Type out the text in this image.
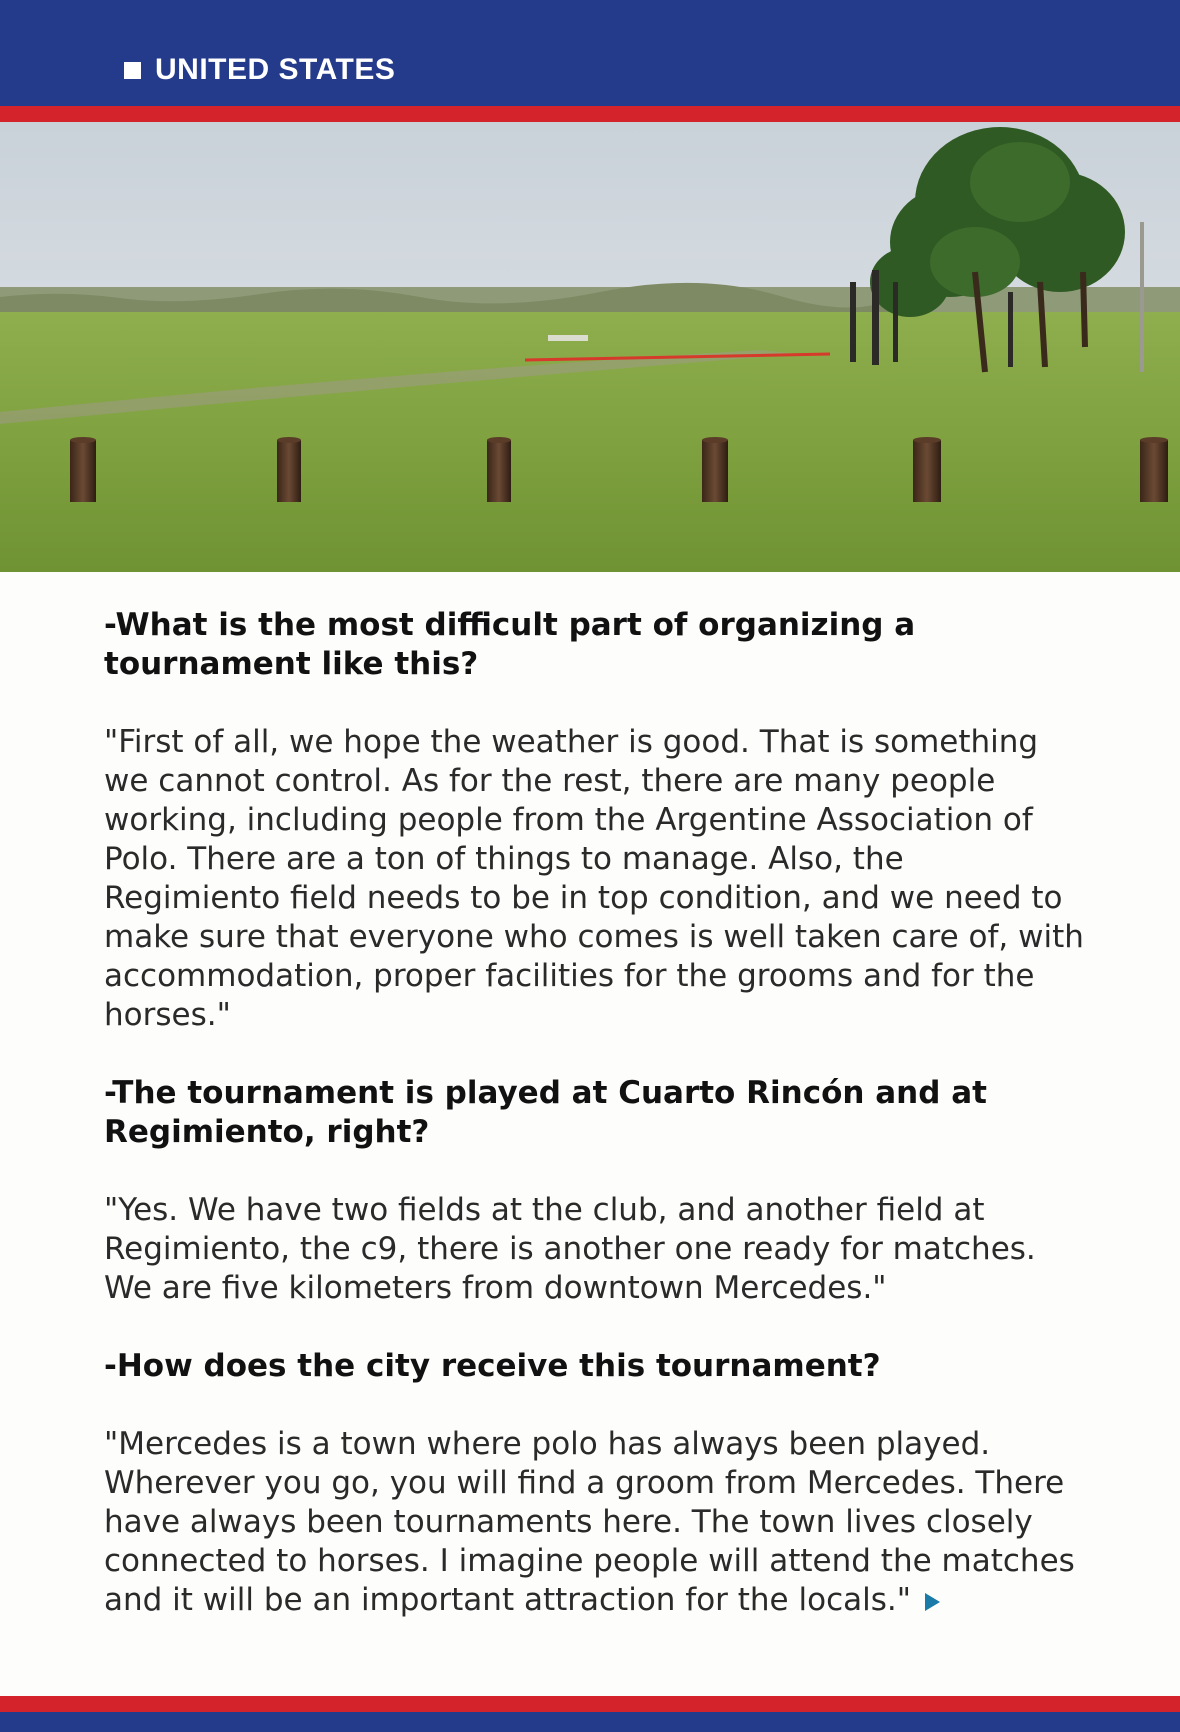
UNITED STATES

-What is the most difficult part of organizing a tournament like this?

"First of all, we hope the weather is good. That is something we cannot control. As for the rest, there are many people working, including people from the Argentine Association of Polo. There are a ton of things to manage. Also, the Regimiento field needs to be in top condition, and we need to make sure that everyone who comes is well taken care of, with accommodation, proper facilities for the grooms and for the horses."

-The tournament is played at Cuarto Rincón and at Regimiento, right?

"Yes. We have two fields at the club, and another field at Regimiento, the c9, there is another one ready for matches. We are five kilometers from downtown Mercedes."

-How does the city receive this tournament?

"Mercedes is a town where polo has always been played. Wherever you go, you will find a groom from Mercedes. There have always been tournaments here. The town lives closely connected to horses. I imagine people will attend the matches and it will be an important attraction for the locals."
